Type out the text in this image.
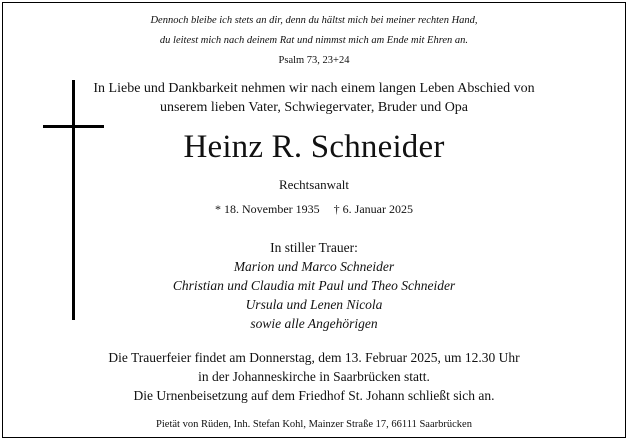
Dennoch bleibe ich stets an dir, denn du hältst mich bei meiner rechten Hand,
du leitest mich nach deinem Rat und nimmst mich am Ende mit Ehren an.
Psalm 73, 23+24
In Liebe und Dankbarkeit nehmen wir nach einem langen Leben Abschied von
unserem lieben Vater, Schwiegervater, Bruder und Opa
Heinz R. Schneider
Rechtsanwalt
* 18. November 1935 † 6. Januar 2025
In stiller Trauer:
Marion und Marco Schneider
Christian und Claudia mit Paul und Theo Schneider
Ursula und Lenen Nicola
sowie alle Angehörigen
Die Trauerfeier findet am Donnerstag, dem 13. Februar 2025, um 12.30 Uhr
in der Johanneskirche in Saarbrücken statt.
Die Urnenbeisetzung auf dem Friedhof St. Johann schließt sich an.
Pietät von Rüden, Inh. Stefan Kohl, Mainzer Straße 17, 66111 Saarbrücken
